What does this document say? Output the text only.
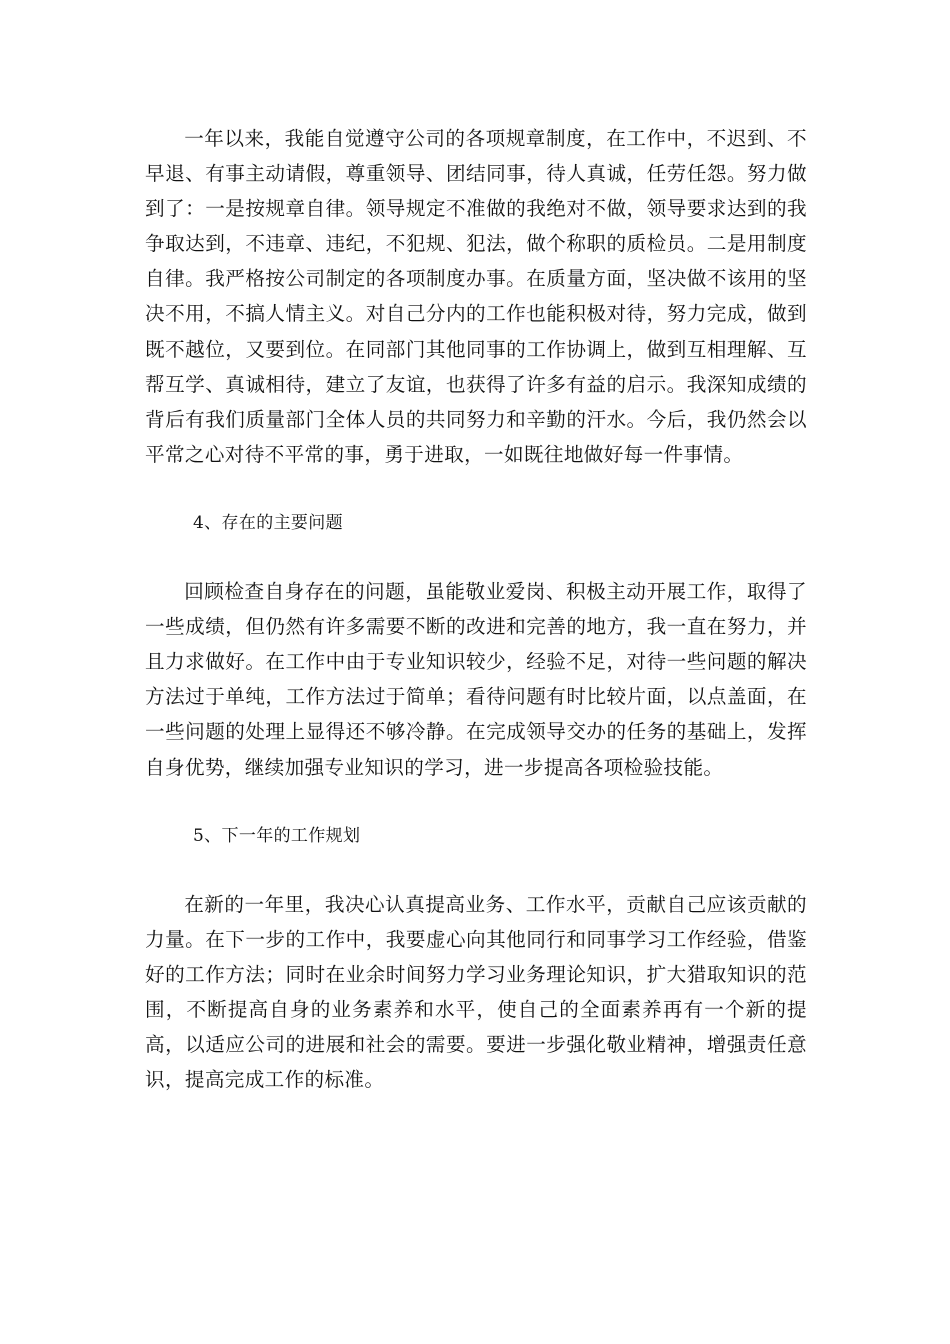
一年以来，我能自觉遵守公司的各项规章制度，在工作中，不迟到、不早退、有事主动请假，尊重领导、团结同事，待人真诚，任劳任怨。努力做到了：一是按规章自律。领导规定不准做的我绝对不做，领导要求达到的我争取达到，不违章、违纪，不犯规、犯法，做个称职的质检员。二是用制度自律。我严格按公司制定的各项制度办事。在质量方面，坚决做不该用的坚决不用，不搞人情主义。对自己分内的工作也能积极对待，努力完成，做到既不越位，又要到位。在同部门其他同事的工作协调上，做到互相理解、互帮互学、真诚相待，建立了友谊，也获得了许多有益的启示。我深知成绩的背后有我们质量部门全体人员的共同努力和辛勤的汗水。今后，我仍然会以平常之心对待不平常的事，勇于进取，一如既往地做好每一件事情。

4、存在的主要问题

回顾检查自身存在的问题，虽能敬业爱岗、积极主动开展工作，取得了一些成绩，但仍然有许多需要不断的改进和完善的地方，我一直在努力，并且力求做好。在工作中由于专业知识较少，经验不足，对待一些问题的解决方法过于单纯，工作方法过于简单；看待问题有时比较片面，以点盖面，在一些问题的处理上显得还不够冷静。在完成领导交办的任务的基础上，发挥自身优势，继续加强专业知识的学习，进一步提高各项检验技能。

5、下一年的工作规划

在新的一年里，我决心认真提高业务、工作水平，贡献自己应该贡献的力量。在下一步的工作中，我要虚心向其他同行和同事学习工作经验，借鉴好的工作方法；同时在业余时间努力学习业务理论知识，扩大猎取知识的范围，不断提高自身的业务素养和水平，使自己的全面素养再有一个新的提高，以适应公司的进展和社会的需要。要进一步强化敬业精神，增强责任意识，提高完成工作的标准。
